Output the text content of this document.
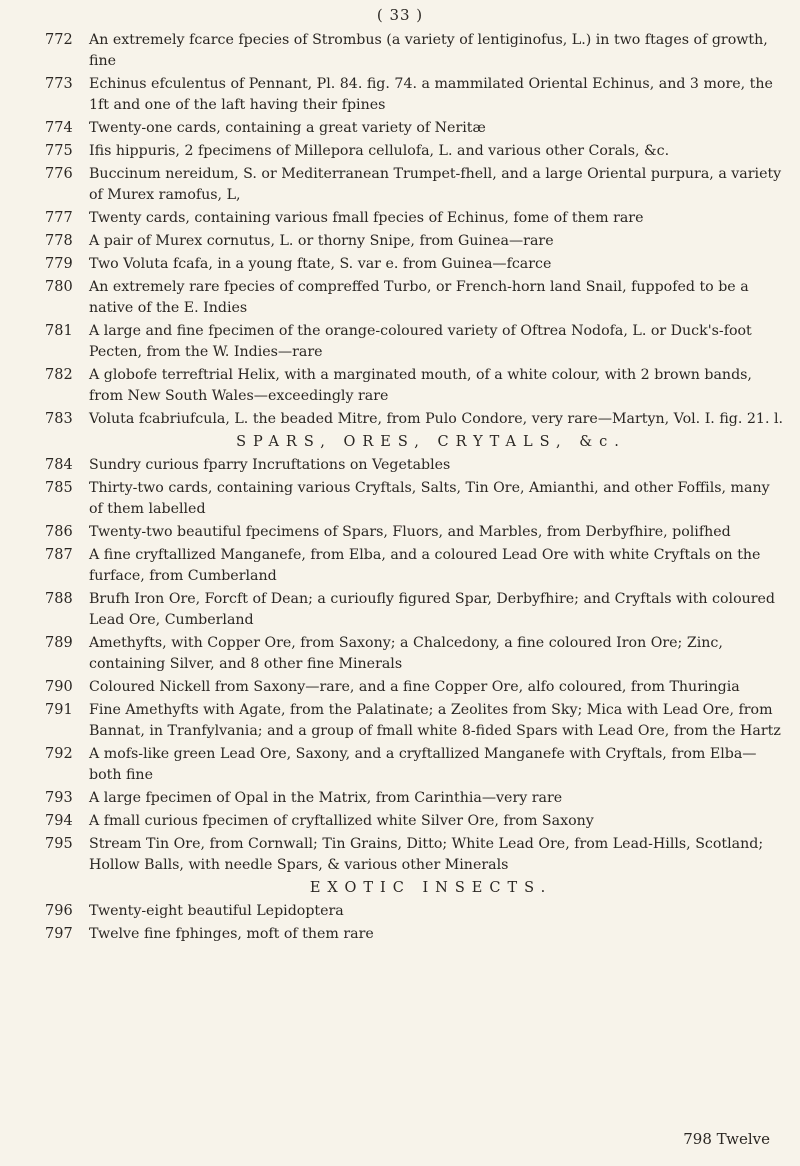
( 33 )
772	An extremely fcarce fpecies of Strombus (a variety of lentiginofus, L.) in two ftages of growth, fine
773	Echinus efculentus of Pennant, Pl. 84. fig. 74. a mammilated Oriental Echinus, and 3 more, the 1ft and one of the laft having their fpines
774	Twenty-one cards, containing a great variety of Neritæ
775	Ifis hippuris, 2 fpecimens of Millepora cellulofa, L. and various other Corals, &c.
776	Buccinum nereidum, S. or Mediterranean Trumpet-fhell, and a large Oriental purpura, a variety of Murex ramofus, L,
777	Twenty cards, containing various fmall fpecies of Echinus, fome of them rare
778	A pair of Murex cornutus, L. or thorny Snipe, from Guinea—rare
779	Two Voluta fcafa, in a young ftate, S. var e. from Guinea—fcarce
780	An extremely rare fpecies of compreffed Turbo, or French-horn land Snail, fuppofed to be a native of the E. Indies
781	A large and fine fpecimen of the orange-coloured variety of Oftrea Nodofa, L. or Duck's-foot Pecten, from the W. Indies—rare
782	A globofe terreftrial Helix, with a marginated mouth, of a white colour, with 2 brown bands, from New South Wales—exceedingly rare
783	Voluta fcabriufcula, L. the beaded Mitre, from Pulo Condore, very rare—Martyn, Vol. I. fig. 21. l.
SPARS, ORES, CRYTALS, &c.
784	Sundry curious fparry Incruftations on Vegetables
785	Thirty-two cards, containing various Cryftals, Salts, Tin Ore, Amianthi, and other Foffils, many of them labelled
786	Twenty-two beautiful fpecimens of Spars, Fluors, and Marbles, from Derbyfhire, polifhed
787	A fine cryftallized Manganefe, from Elba, and a coloured Lead Ore with white Cryftals on the furface, from Cumberland
788	Brufh Iron Ore, Forcft of Dean; a curioufly figured Spar, Derbyfhire; and Cryftals with coloured Lead Ore, Cumberland
789	Amethyfts, with Copper Ore, from Saxony; a Chalcedony, a fine coloured Iron Ore; Zinc, containing Silver, and 8 other fine Minerals
790	Coloured Nickell from Saxony—rare, and a fine Copper Ore, alfo coloured, from Thuringia
791	Fine Amethyfts with Agate, from the Palatinate; a Zeolites from Sky; Mica with Lead Ore, from Bannat, in Tranfylvania; and a group of fmall white 8-fided Spars with Lead Ore, from the Hartz
792	A mofs-like green Lead Ore, Saxony, and a cryftallized Manganefe with Cryftals, from Elba—both fine
793	A large fpecimen of Opal in the Matrix, from Carinthia—very rare
794	A fmall curious fpecimen of cryftallized white Silver Ore, from Saxony
795	Stream Tin Ore, from Cornwall; Tin Grains, Ditto; White Lead Ore, from Lead-Hills, Scotland; Hollow Balls, with needle Spars, & various other Minerals
EXOTIC INSECTS.
796	Twenty-eight beautiful Lepidoptera
797	Twelve fine fphinges, moft of them rare
798 Twelve
